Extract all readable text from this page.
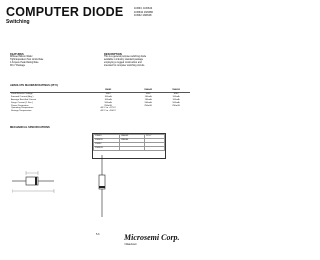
COMPUTER DIODE
Switching
1N663, 1N6643
1N6632 1N6686
1N662 1N6628
FEATURES
Diffused Silicon Wafer
Tight Equivalent Test Limits Rate
1 Ampere Peak Rating Rate
DO-7 Package
DESCRIPTION
This is a general purpose switching diode
available in industry standard package
employing a rugged construction and
intended for computer switching circuits.
ABSOLUTE MAXIMUM RATINGS (25°C)
	1N663	1N6643	1N6632
Peak Reverse Voltage	100V	100V	100V
Forward Current (Avg.)	100mA	100mA	100mA
Average Rectified Current	100mA	100mA	100mA
Surge Current (1 Sec.)	500mA	500mA	500mA
Power Dissipation	250mW	250mW	250mW
Operating Temperature	-65°C to +175°C		
Storage Temperature	-65°C to +200°C		
MECHANICAL SPECIFICATIONS
1N663	1N6643	DO-7
1N6632	1N6686	
1N662		
1N6628		
5-6	Microsemi Corp.
/ Watertown
